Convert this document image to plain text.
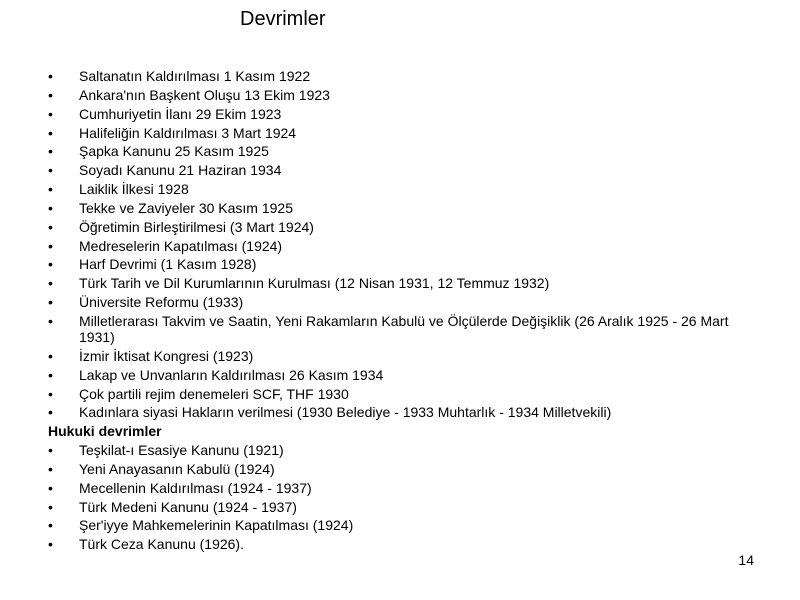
Devrimler
• Saltanatın Kaldırılması 1 Kasım 1922
• Ankara'nın Başkent Oluşu 13 Ekim 1923
• Cumhuriyetin İlanı 29 Ekim 1923
• Halifeliğin Kaldırılması 3 Mart 1924
• Şapka Kanunu 25 Kasım 1925
• Soyadı Kanunu 21 Haziran 1934
• Laiklik İlkesi 1928
• Tekke ve Zaviyeler 30 Kasım 1925
• Öğretimin Birleştirilmesi (3 Mart 1924)
• Medreselerin Kapatılması (1924)
• Harf Devrimi (1 Kasım 1928)
• Türk Tarih ve Dil Kurumlarının Kurulması (12 Nisan 1931, 12 Temmuz 1932)
• Üniversite Reformu (1933)
• Milletlerarası Takvim ve Saatin, Yeni Rakamların Kabulü ve Ölçülerde Değişiklik (26 Aralık 1925 - 26 Mart 1931)
• İzmir İktisat Kongresi (1923)
• Lakap ve Unvanların Kaldırılması 26 Kasım 1934
• Çok partili rejim denemeleri SCF, THF 1930
• Kadınlara siyasi Hakların verilmesi (1930 Belediye - 1933 Muhtarlık - 1934 Milletvekili)
Hukuki devrimler
• Teşkilat-ı Esasiye Kanunu (1921)
• Yeni Anayasanın Kabulü (1924)
• Mecellenin Kaldırılması (1924 - 1937)
• Türk Medeni Kanunu (1924 - 1937)
• Şer'iyye Mahkemelerinin Kapatılması (1924)
• Türk Ceza Kanunu (1926).
14
